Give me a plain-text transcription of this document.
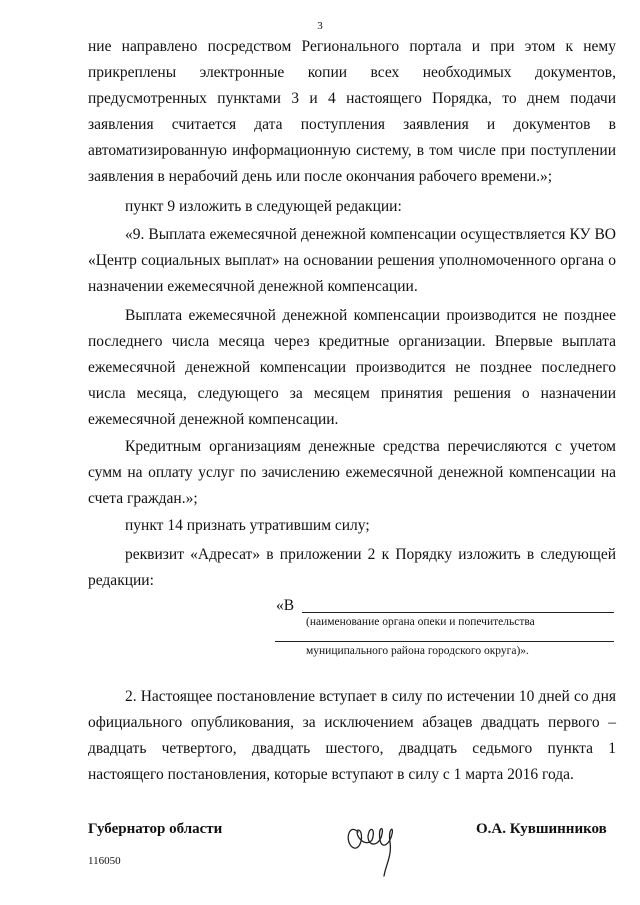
3
ние направлено посредством Регионального портала и при этом к нему прикреплены электронные копии всех необходимых документов, предусмотренных пунктами 3 и 4 настоящего Порядка, то днем подачи заявления считается дата поступления заявления и документов в автоматизированную информационную систему, в том числе при поступлении заявления в нерабочий день или после окончания рабочего времени.»;
пункт 9 изложить в следующей редакции:
«9. Выплата ежемесячной денежной компенсации осуществляется КУ ВО «Центр социальных выплат» на основании решения уполномоченного органа о назначении ежемесячной денежной компенсации.
Выплата ежемесячной денежной компенсации производится не позднее последнего числа месяца через кредитные организации. Впервые выплата ежемесячной денежной компенсации производится не позднее последнего числа месяца, следующего за месяцем принятия решения о назначении ежемесячной денежной компенсации.
Кредитным организациям денежные средства перечисляются с учетом сумм на оплату услуг по зачислению ежемесячной денежной компенсации на счета граждан.»;
пункт 14 признать утратившим силу;
реквизит «Адресат» в приложении 2 к Порядку изложить в следующей редакции:
«В
(наименование органа опеки и попечительства
муниципального района городского округа)».
2. Настоящее постановление вступает в силу по истечении 10 дней со дня официального опубликования, за исключением абзацев двадцать первого – двадцать четвертого, двадцать шестого, двадцать седьмого пункта 1 настоящего постановления, которые вступают в силу с 1 марта 2016 года.
Губернатор области	О.А. Кувшинников
116050
